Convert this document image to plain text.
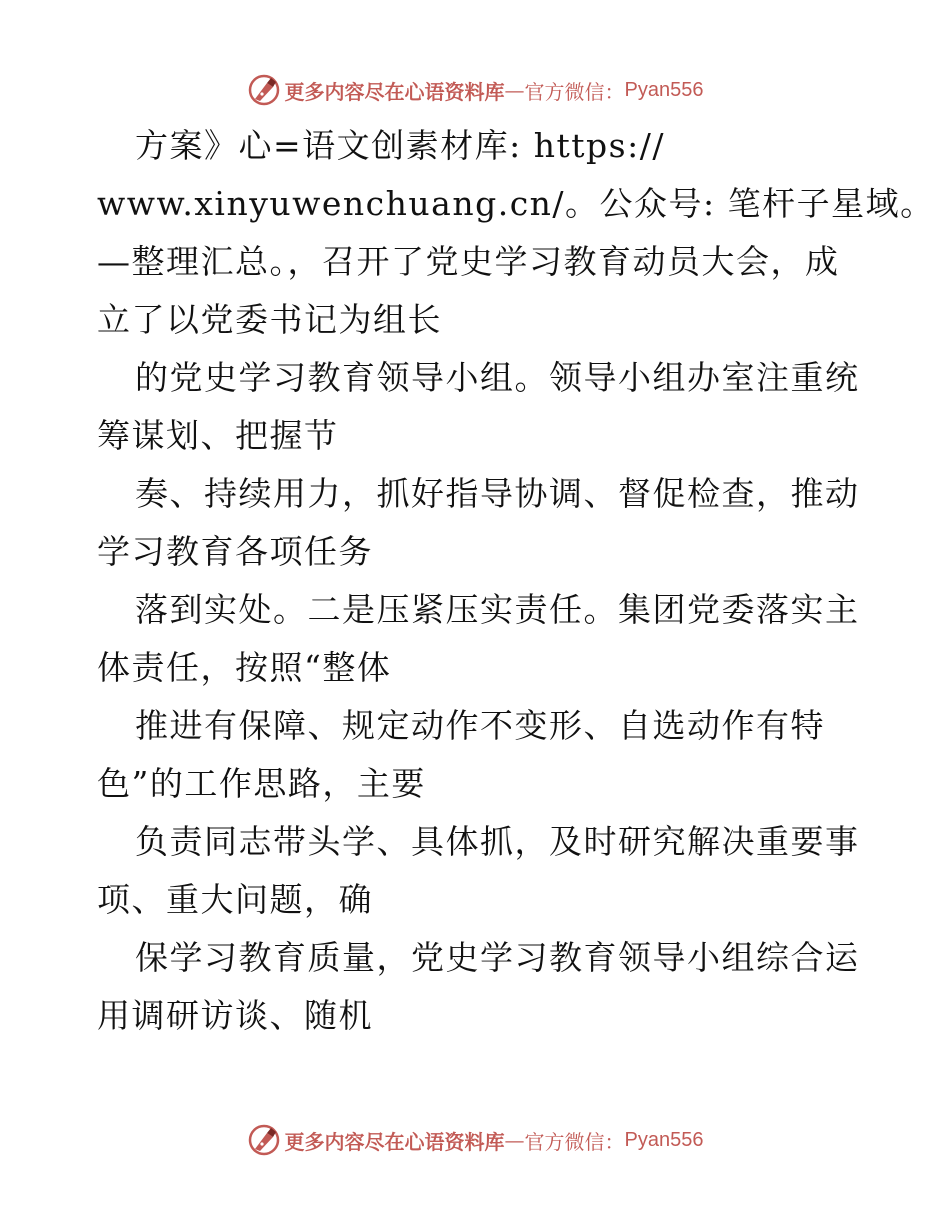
更多内容尽在心语资料库 — 官方微信： Pyan556

方案》心=语文创素材库: https://

www.xinyuwenchuang.cn/。公众号: 笔杆子星域。

—整理汇总。，召开了党史学习教育动员大会，成

立了以党委书记为组长

的党史学习教育领导小组。领导小组办室注重统

筹谋划、把握节

奏、持续用力，抓好指导协调、督促检查，推动

学习教育各项任务

落到实处。二是压紧压实责任。集团党委落实主

体责任，按照“整体

推进有保障、规定动作不变形、自选动作有特

色”的工作思路，主要

负责同志带头学、具体抓，及时研究解决重要事

项、重大问题，确

保学习教育质量，党史学习教育领导小组综合运

用调研访谈、随机

更多内容尽在心语资料库 — 官方微信： Pyan556
